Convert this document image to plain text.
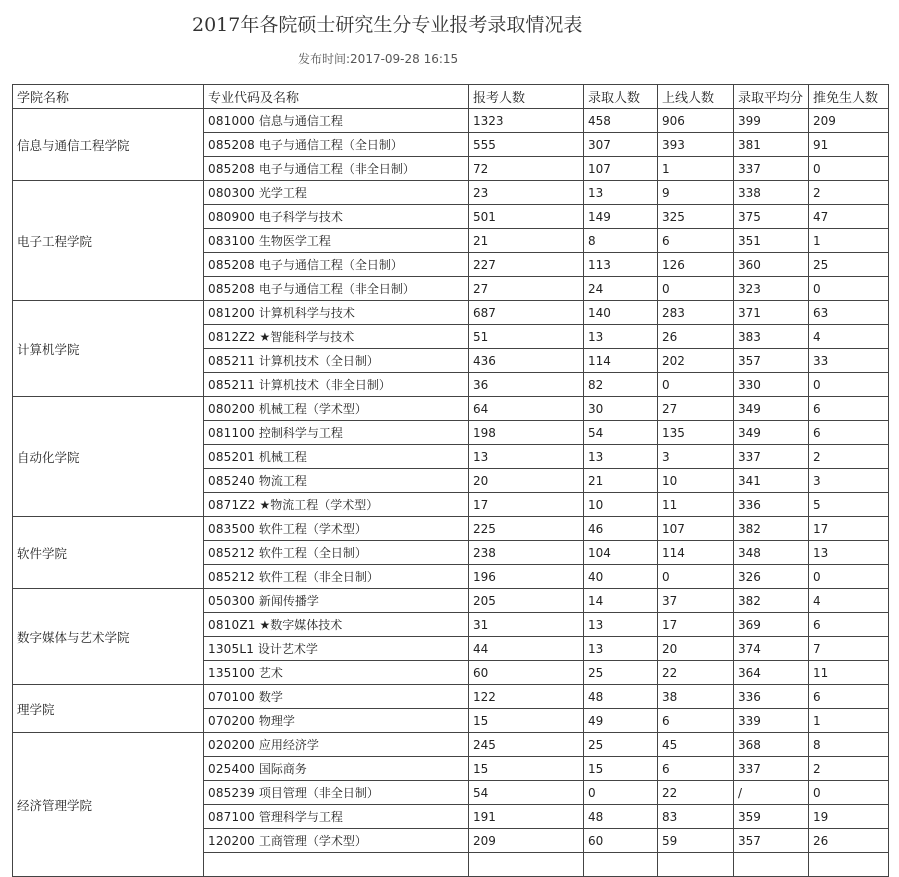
2017年各院硕士研究生分专业报考录取情况表
发布时间:2017-09-28 16:15
学院名称	专业代码及名称	报考人数	录取人数	上线人数	录取平均分	推免生人数
信息与通信工程学院	081000 信息与通信工程	1323	458	906	399	209
	085208 电子与通信工程（全日制）	555	307	393	381	91
	085208 电子与通信工程（非全日制）	72	107	1	337	0
电子工程学院	080300 光学工程	23	13	9	338	2
	080900 电子科学与技术	501	149	325	375	47
	083100 生物医学工程	21	8	6	351	1
	085208 电子与通信工程（全日制）	227	113	126	360	25
	085208 电子与通信工程（非全日制）	27	24	0	323	0
计算机学院	081200 计算机科学与技术	687	140	283	371	63
	0812Z2 ★智能科学与技术	51	13	26	383	4
	085211 计算机技术（全日制）	436	114	202	357	33
	085211 计算机技术（非全日制）	36	82	0	330	0
自动化学院	080200 机械工程（学术型）	64	30	27	349	6
	081100 控制科学与工程	198	54	135	349	6
	085201 机械工程	13	13	3	337	2
	085240 物流工程	20	21	10	341	3
	0871Z2 ★物流工程（学术型）	17	10	11	336	5
软件学院	083500 软件工程（学术型）	225	46	107	382	17
	085212 软件工程（全日制）	238	104	114	348	13
	085212 软件工程（非全日制）	196	40	0	326	0
数字媒体与艺术学院	050300 新闻传播学	205	14	37	382	4
	0810Z1 ★数字媒体技术	31	13	17	369	6
	1305L1 设计艺术学	44	13	20	374	7
	135100 艺术	60	25	22	364	11
理学院	070100 数学	122	48	38	336	6
	070200 物理学	15	49	6	339	1
经济管理学院	020200 应用经济学	245	25	45	368	8
	025400 国际商务	15	15	6	337	2
	085239 项目管理（非全日制）	54	0	22	/	0
	087100 管理科学与工程	191	48	83	359	19
	120200 工商管理（学术型）	209	60	59	357	26
